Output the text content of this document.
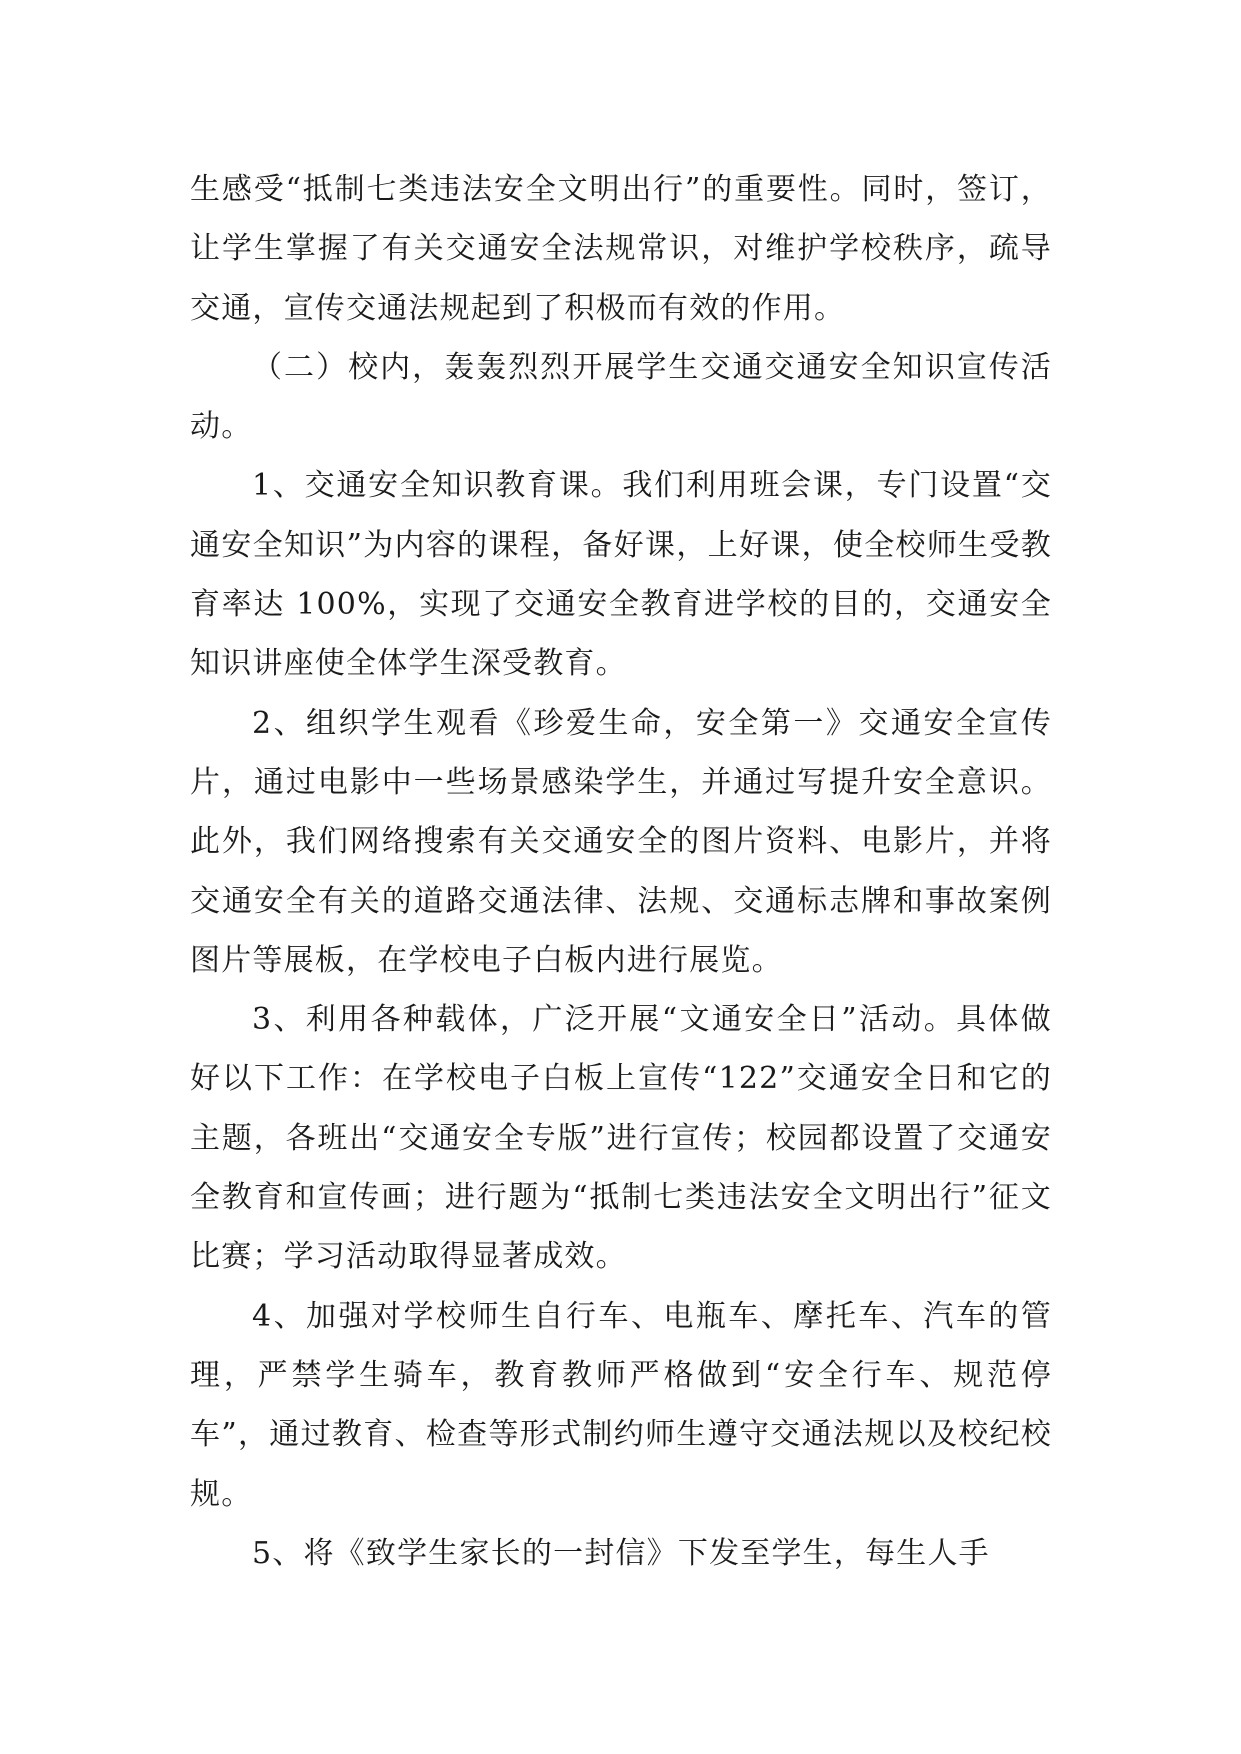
生感受“抵制七类违法安全文明出行”的重要性。同时，签订，让学生掌握了有关交通安全法规常识，对维护学校秩序，疏导交通，宣传交通法规起到了积极而有效的作用。

（二）校内，轰轰烈烈开展学生交通交通安全知识宣传活动。

1、交通安全知识教育课。我们利用班会课，专门设置“交通安全知识”为内容的课程，备好课，上好课，使全校师生受教育率达 100%，实现了交通安全教育进学校的目的，交通安全知识讲座使全体学生深受教育。

2、组织学生观看《珍爱生命，安全第一》交通安全宣传片，通过电影中一些场景感染学生，并通过写提升安全意识。此外，我们网络搜索有关交通安全的图片资料、电影片，并将交通安全有关的道路交通法律、法规、交通标志牌和事故案例图片等展板，在学校电子白板内进行展览。

3、利用各种载体，广泛开展“文通安全日”活动。具体做好以下工作：在学校电子白板上宣传“122”交通安全日和它的主题，各班出“交通安全专版”进行宣传；校园都设置了交通安全教育和宣传画；进行题为“抵制七类违法安全文明出行”征文比赛；学习活动取得显著成效。

4、加强对学校师生自行车、电瓶车、摩托车、汽车的管理，严禁学生骑车，教育教师严格做到“安全行车、规范停车”，通过教育、检查等形式制约师生遵守交通法规以及校纪校规。

5、将《致学生家长的一封信》下发至学生，每生人手
